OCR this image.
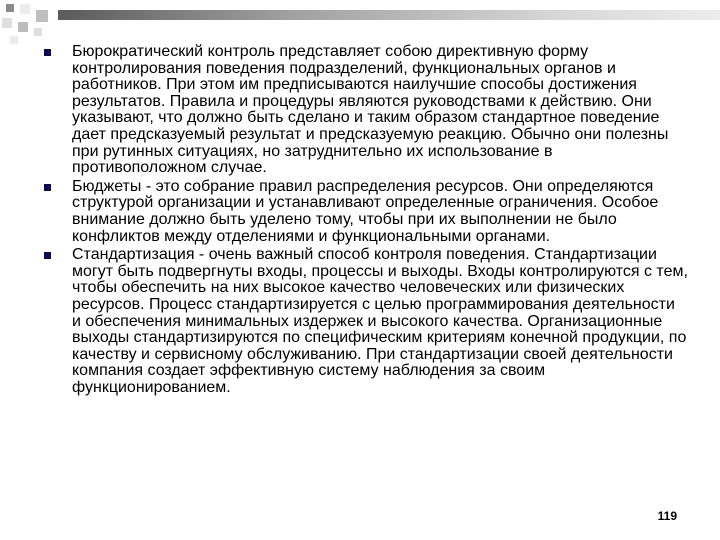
Бюрократический контроль представляет собою директивную форму контролирования поведения подразделений, функциональных органов и работников. При этом им предписываются наилучшие способы достижения результатов. Правила и процедуры являются руководствами к действию. Они указывают, что должно быть сделано и таким образом стандартное поведение дает предсказуемый результат и предсказуемую реакцию. Обычно они полезны при рутинных ситуациях, но затруднительно их использование в противоположном случае.
Бюджеты - это собрание правил распределения ресурсов. Они определяются структурой организации и устанавливают определенные ограничения. Особое внимание должно быть уделено тому, чтобы при их выполнении не было конфликтов между отделениями и функциональными органами.
Стандартизация - очень важный способ контроля поведения. Стандартизации могут быть подвергнуты входы, процессы и выходы. Входы контролируются с тем, чтобы обеспечить на них высокое качество человеческих или физических ресурсов. Процесс стандартизируется с целью программирования деятельности и обеспечения минимальных издержек и высокого качества. Организационные выходы стандартизируются по специфическим критериям конечной продукции, по качеству и сервисному обслуживанию. При стандартизации своей деятельности компания создает эффективную систему наблюдения за своим функционированием.
119
